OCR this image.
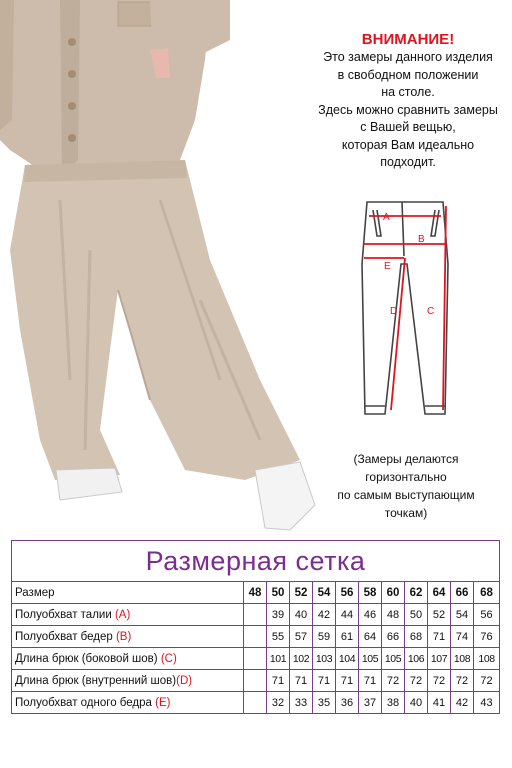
ВНИМАНИЕ!
Это замеры данного изделия
в свободном положении
на столе.
Здесь можно сравнить замеры
с Вашей вещью,
которая Вам идеально
подходит.
A
B
E
D	C
(Замеры делаются
горизонтально
по самым выступающим
точкам)
Размерная сетка											
Размер	48	50	52	54	56	58	60	62	64	66	68
Полуобхват талии (A)		39	40	42	44	46	48	50	52	54	56
Полуобхват бедер (B)		55	57	59	61	64	66	68	71	74	76
Длина брюк (боковой шов) (C)		101	102	103	104	105	105	106	107	108	108
Длина брюк (внутренний шов)(D)		71	71	71	71	71	72	72	72	72	72
Полуобхват одного бедра (E)		32	33	35	36	37	38	40	41	42	43
